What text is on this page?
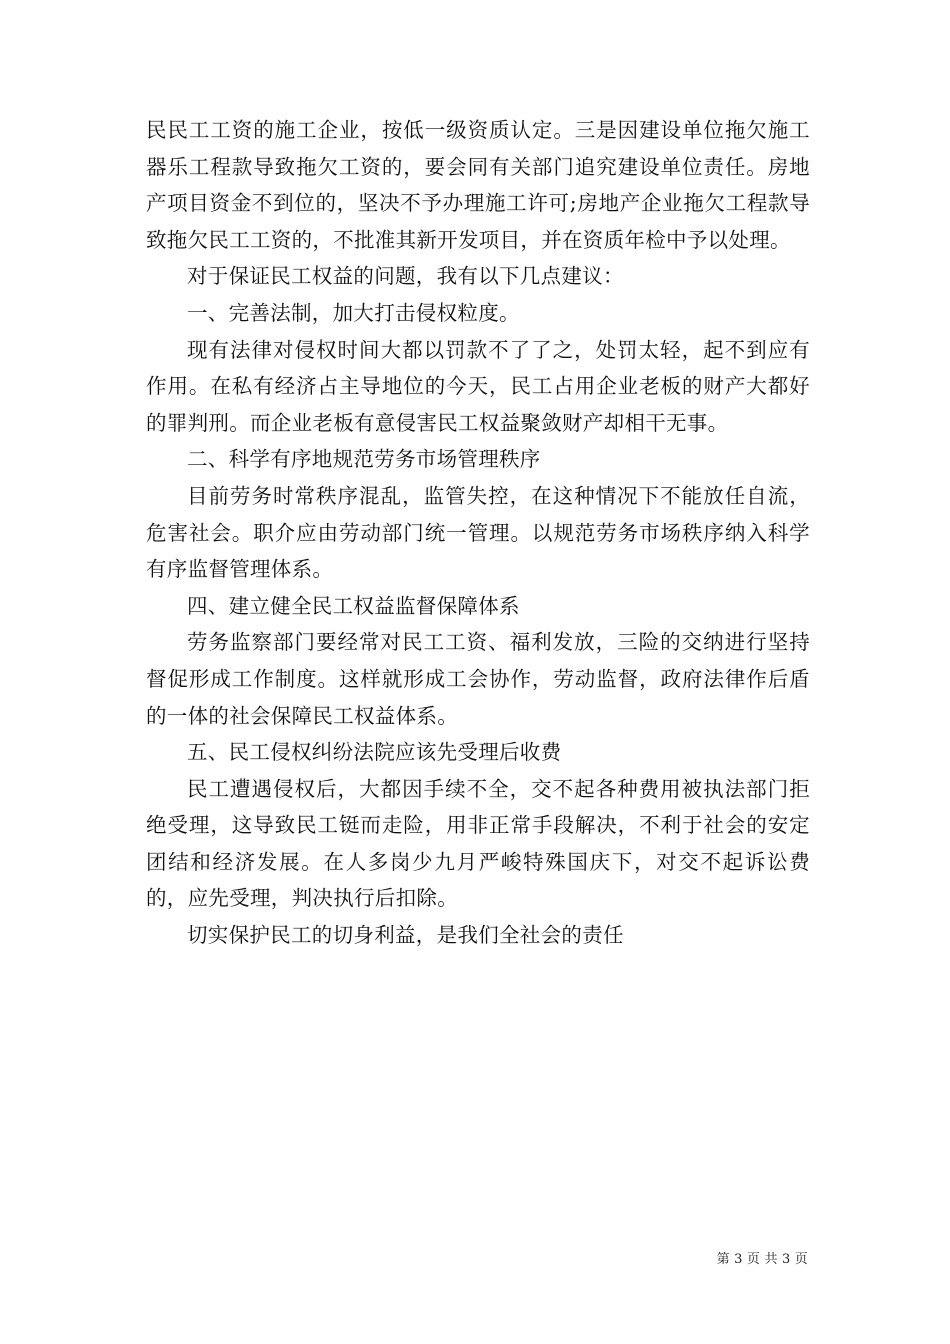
民民工工资的施工企业，按低一级资质认定。三是因建设单位拖欠施工器乐工程款导致拖欠工资的，要会同有关部门追究建设单位责任。房地产项目资金不到位的，坚决不予办理施工许可;房地产企业拖欠工程款导致拖欠民工工资的，不批准其新开发项目，并在资质年检中予以处理。

对于保证民工权益的问题，我有以下几点建议：

一、完善法制，加大打击侵权粒度。

现有法律对侵权时间大都以罚款不了了之，处罚太轻，起不到应有作用。在私有经济占主导地位的今天，民工占用企业老板的财产大都好的罪判刑。而企业老板有意侵害民工权益聚敛财产却相干无事。

二、科学有序地规范劳务市场管理秩序

目前劳务时常秩序混乱，监管失控，在这种情况下不能放任自流，危害社会。职介应由劳动部门统一管理。以规范劳务市场秩序纳入科学有序监督管理体系。

四、建立健全民工权益监督保障体系

劳务监察部门要经常对民工工资、福利发放，三险的交纳进行坚持督促形成工作制度。这样就形成工会协作，劳动监督，政府法律作后盾的一体的社会保障民工权益体系。

五、民工侵权纠纷法院应该先受理后收费

民工遭遇侵权后，大都因手续不全，交不起各种费用被执法部门拒绝受理，这导致民工铤而走险，用非正常手段解决，不利于社会的安定团结和经济发展。在人多岗少九月严峻特殊国庆下，对交不起诉讼费的，应先受理，判决执行后扣除。

切实保护民工的切身利益，是我们全社会的责任

第 3 页 共 3 页
